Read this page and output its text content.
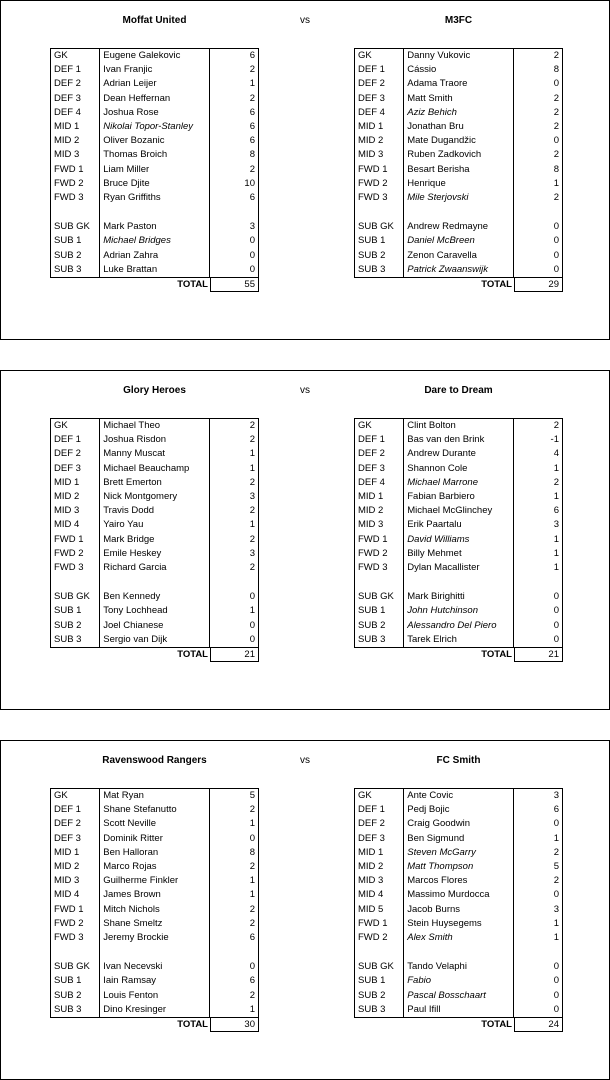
Moffat United	M3FC
vs
GK	Eugene Galekovic	6
DEF 1	Ivan Franjic	2
DEF 2	Adrian Leijer	1
DEF 3	Dean Heffernan	2
DEF 4	Joshua Rose	6
MID 1	Nikolai Topor-Stanley	6
MID 2	Oliver Bozanic	6
MID 3	Thomas Broich	8
FWD 1	Liam Miller	2
FWD 2	Bruce Djite	10
FWD 3	Ryan Griffiths	6

SUB GK	Mark Paston	3
SUB 1	Michael Bridges	0
SUB 2	Adrian Zahra	0
SUB 3	Luke Brattan	0
TOTAL	55
GK	Danny Vukovic	2
DEF 1	Cássio	8
DEF 2	Adama Traore	0
DEF 3	Matt Smith	2
DEF 4	Aziz Behich	2
MID 1	Jonathan Bru	2
MID 2	Mate Dugandžic	0
MID 3	Ruben Zadkovich	2
FWD 1	Besart Berisha	8
FWD 2	Henrique	1
FWD 3	Mile Sterjovski	2

SUB GK	Andrew Redmayne	0
SUB 1	Daniel McBreen	0
SUB 2	Zenon Caravella	0
SUB 3	Patrick Zwaanswijk	0
TOTAL	29
Glory Heroes	Dare to Dream
vs
GK	Michael Theo	2
DEF 1	Joshua Risdon	2
DEF 2	Manny Muscat	1
DEF 3	Michael Beauchamp	1
MID 1	Brett Emerton	2
MID 2	Nick Montgomery	3
MID 3	Travis Dodd	2
MID 4	Yairo Yau	1
FWD 1	Mark Bridge	2
FWD 2	Emile Heskey	3
FWD 3	Richard Garcia	2

SUB GK	Ben Kennedy	0
SUB 1	Tony Lochhead	1
SUB 2	Joel Chianese	0
SUB 3	Sergio van Dijk	0
TOTAL	21
GK	Clint Bolton	2
DEF 1	Bas van den Brink	-1
DEF 2	Andrew Durante	4
DEF 3	Shannon Cole	1
DEF 4	Michael Marrone	2
MID 1	Fabian Barbiero	1
MID 2	Michael McGlinchey	6
MID 3	Erik Paartalu	3
FWD 1	David Williams	1
FWD 2	Billy Mehmet	1
FWD 3	Dylan Macallister	1

SUB GK	Mark Birighitti	0
SUB 1	John Hutchinson	0
SUB 2	Alessandro Del Piero	0
SUB 3	Tarek Elrich	0
TOTAL	21
Ravenswood Rangers	FC Smith
vs
GK	Mat Ryan	5
DEF 1	Shane Stefanutto	2
DEF 2	Scott Neville	1
DEF 3	Dominik Ritter	0
MID 1	Ben Halloran	8
MID 2	Marco Rojas	2
MID 3	Guilherme Finkler	1
MID 4	James Brown	1
FWD 1	Mitch Nichols	2
FWD 2	Shane Smeltz	2
FWD 3	Jeremy Brockie	6

SUB GK	Ivan Necevski	0
SUB 1	Iain Ramsay	6
SUB 2	Louis Fenton	2
SUB 3	Dino Kresinger	1
TOTAL	30
GK	Ante Covic	3
DEF 1	Pedj Bojic	6
DEF 2	Craig Goodwin	0
DEF 3	Ben Sigmund	1
MID 1	Steven McGarry	2
MID 2	Matt Thompson	5
MID 3	Marcos Flores	2
MID 4	Massimo Murdocca	0
MID 5	Jacob Burns	3
FWD 1	Stein Huysegems	1
FWD 2	Alex Smith	1

SUB GK	Tando Velaphi	0
SUB 1	Fabio	0
SUB 2	Pascal Bosschaart	0
SUB 3	Paul Ifill	0
TOTAL	24
